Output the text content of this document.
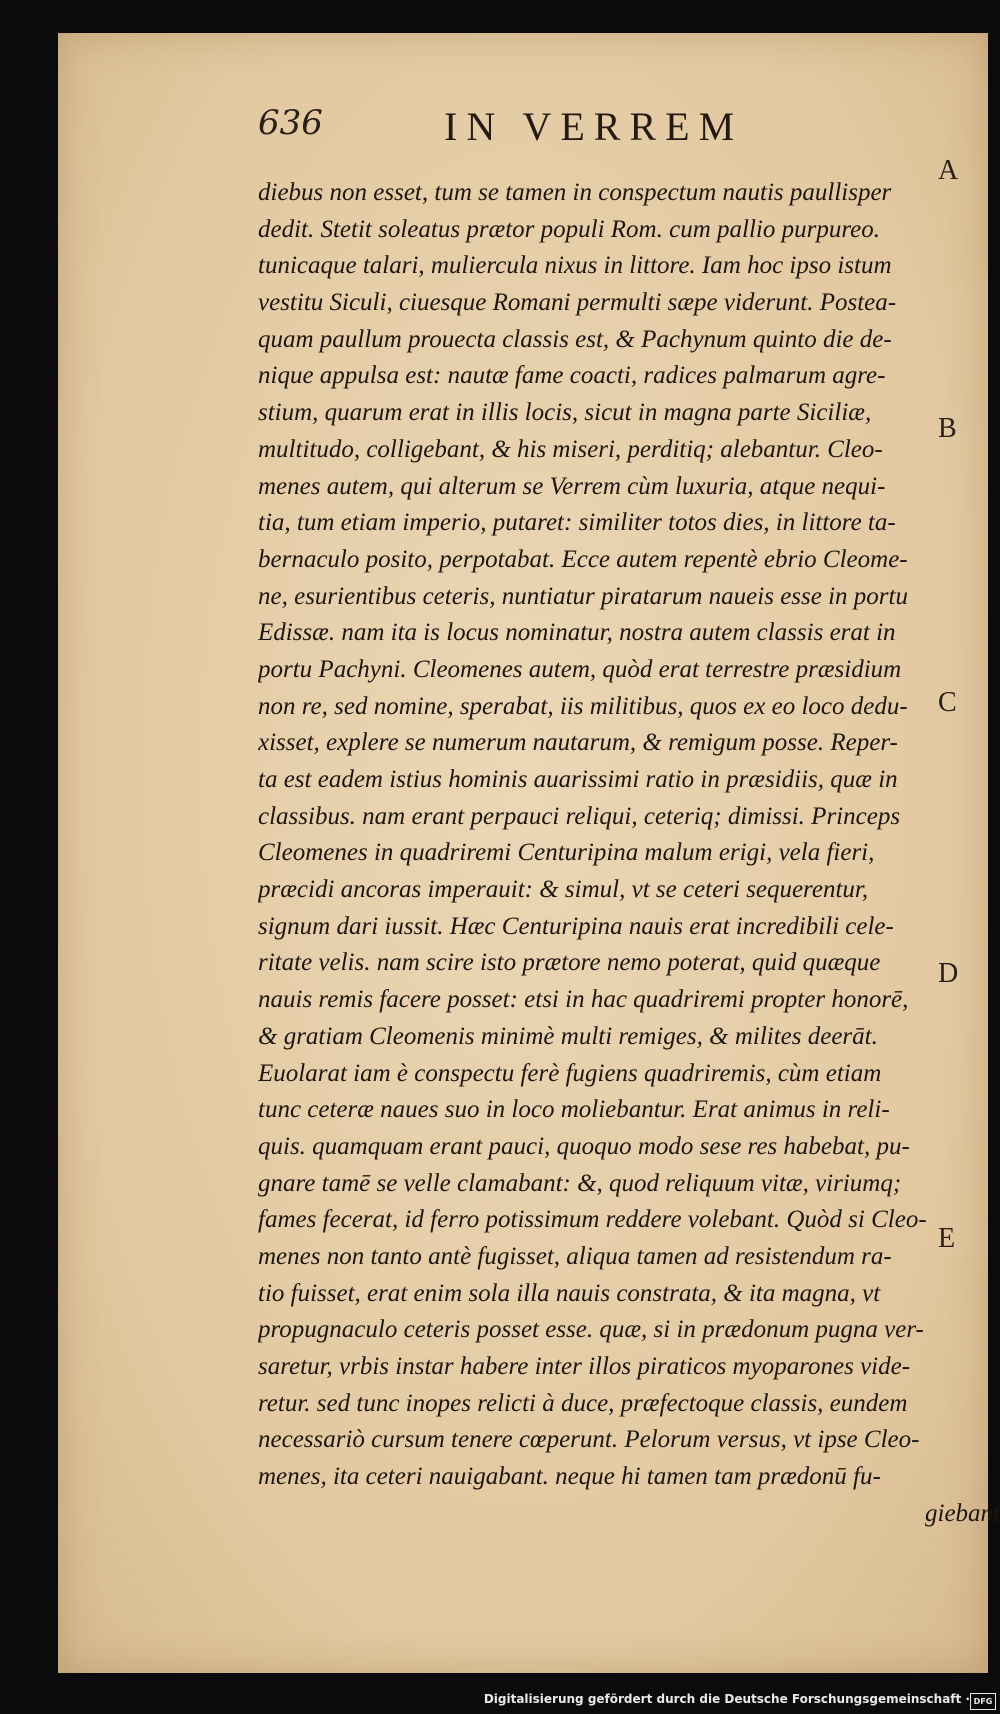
636	IN VERREM
diebus non esset, tum se tamen in conspectum nautis paullisper
dedit. Stetit soleatus prætor populi Rom. cum pallio purpureo.
tunicaque talari, muliercula nixus in littore. Iam hoc ipso istum
vestitu Siculi, ciuesque Romani permulti sæpe viderunt. Postea-
quam paullum prouecta classis est, & Pachynum quinto die de-
nique appulsa est: nautæ fame coacti, radices palmarum agre-
stium, quarum erat in illis locis, sicut in magna parte Siciliæ,
multitudo, colligebant, & his miseri, perditiq; alebantur. Cleo-
menes autem, qui alterum se Verrem cùm luxuria, atque nequi-
tia, tum etiam imperio, putaret: similiter totos dies, in littore ta-
bernaculo posito, perpotabat. Ecce autem repentè ebrio Cleome-
ne, esurientibus ceteris, nuntiatur piratarum naueis esse in portu
Edissæ. nam ita is locus nominatur, nostra autem classis erat in
portu Pachyni. Cleomenes autem, quòd erat terrestre præsidium
non re, sed nomine, sperabat, iis militibus, quos ex eo loco dedu-
xisset, explere se numerum nautarum, & remigum posse. Reper-
ta est eadem istius hominis auarissimi ratio in præsidiis, quæ in
classibus. nam erant perpauci reliqui, ceteriq; dimissi. Princeps
Cleomenes in quadriremi Centuripina malum erigi, vela fieri,
præcidi ancoras imperauit: & simul, vt se ceteri sequerentur,
signum dari iussit. Hæc Centuripina nauis erat incredibili cele-
ritate velis. nam scire isto prætore nemo poterat, quid quæque
nauis remis facere posset: etsi in hac quadriremi propter honorē,
& gratiam Cleomenis minimè multi remiges, & milites deerāt.
Euolarat iam è conspectu ferè fugiens quadriremis, cùm etiam
tunc ceteræ naues suo in loco moliebantur. Erat animus in reli-
quis. quamquam erant pauci, quoquo modo sese res habebat, pu-
gnare tamē se velle clamabant: &, quod reliquum vitæ, viriumq;
fames fecerat, id ferro potissimum reddere volebant. Quòd si Cleo-
menes non tanto antè fugisset, aliqua tamen ad resistendum ra-
tio fuisset, erat enim sola illa nauis constrata, & ita magna, vt
propugnaculo ceteris posset esse. quæ, si in prædonum pugna ver-
saretur, vrbis instar habere inter illos piraticos myoparones vide-
retur. sed tunc inopes relicti à duce, præfectoque classis, eundem
necessariò cursum tenere cœperunt. Pelorum versus, vt ipse Cleo-
menes, ita ceteri nauigabant. neque hi tamen tam prædonū fu-
giebant
A
B
C
D
E
Digitalisierung gefördert durch die Deutsche Forschungsgemeinschaft · DFG
